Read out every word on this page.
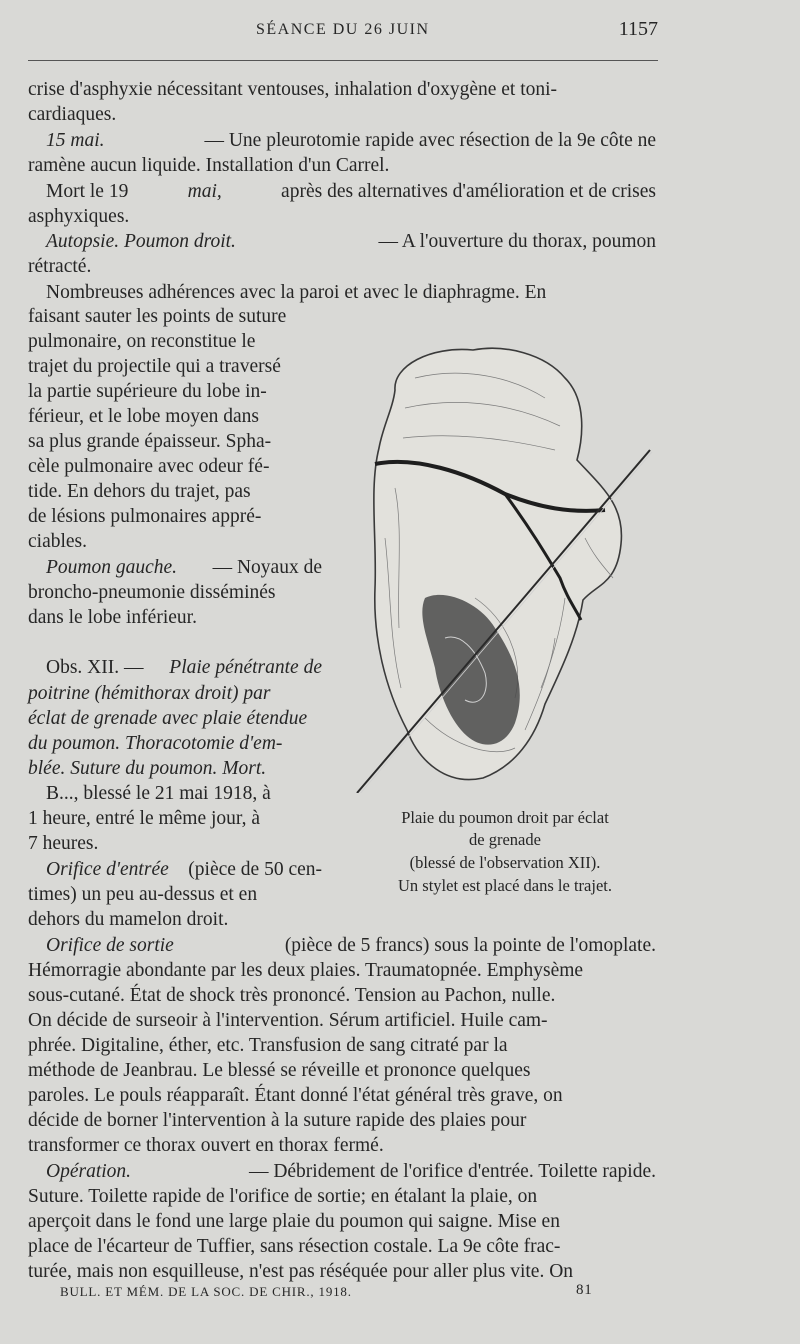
SÉANCE DU 26 JUIN	1157
crise d'asphyxie nécessitant ventouses, inhalation d'oxygène et toni-
cardiaques.
15 mai.	— Une pleurotomie rapide avec résection de la 9e côte ne
ramène aucun liquide. Installation d'un Carrel.
Mort le 19	mai,	après des alternatives d'amélioration et de crises
asphyxiques.
Autopsie. Poumon droit.	— A l'ouverture du thorax, poumon
rétracté.
Nombreuses adhérences avec la paroi et avec le diaphragme. En
faisant sauter les points de suture
pulmonaire, on reconstitue le
trajet du projectile qui a traversé
la partie supérieure du lobe in-
férieur, et le lobe moyen dans
sa plus grande épaisseur. Spha-
cèle pulmonaire avec odeur fé-
tide. En dehors du trajet, pas
de lésions pulmonaires appré-
ciables.
Poumon gauche. — Noyaux de
broncho-pneumonie disséminés
dans le lobe inférieur.
Obs. XII. — Plaie pénétrante de
poitrine (hémithorax droit) par
éclat de grenade avec plaie étendue
du poumon. Thoracotomie d'em-
blée. Suture du poumon. Mort.
B..., blessé le 21 mai 1918, à
1 heure, entré le même jour, à
7 heures.
Orifice d'entrée (pièce de 50 cen-
times) un peu au-dessus et en
dehors du mamelon droit.
Orifice de sortie	(pièce de 5 francs) sous la pointe de l'omoplate.
Hémorragie abondante par les deux plaies. Traumatopnée. Emphysème
sous-cutané. État de shock très prononcé. Tension au Pachon, nulle.
On décide de surseoir à l'intervention. Sérum artificiel. Huile cam-
phrée. Digitaline, éther, etc. Transfusion de sang citraté par la
méthode de Jeanbrau. Le blessé se réveille et prononce quelques
paroles. Le pouls réapparaît. Étant donné l'état général très grave, on
décide de borner l'intervention à la suture rapide des plaies pour
transformer ce thorax ouvert en thorax fermé.
Opération.	— Débridement de l'orifice d'entrée. Toilette rapide.
Suture. Toilette rapide de l'orifice de sortie; en étalant la plaie, on
aperçoit dans le fond une large plaie du poumon qui saigne. Mise en
place de l'écarteur de Tuffier, sans résection costale. La 9e côte frac-
turée, mais non esquilleuse, n'est pas réséquée pour aller plus vite. On
Plaie du poumon droit par éclat
de grenade
(blessé de l'observation XII).
Un stylet est placé dans le trajet.
BULL. ET MÉM. DE LA SOC. DE CHIR., 1918.	81
